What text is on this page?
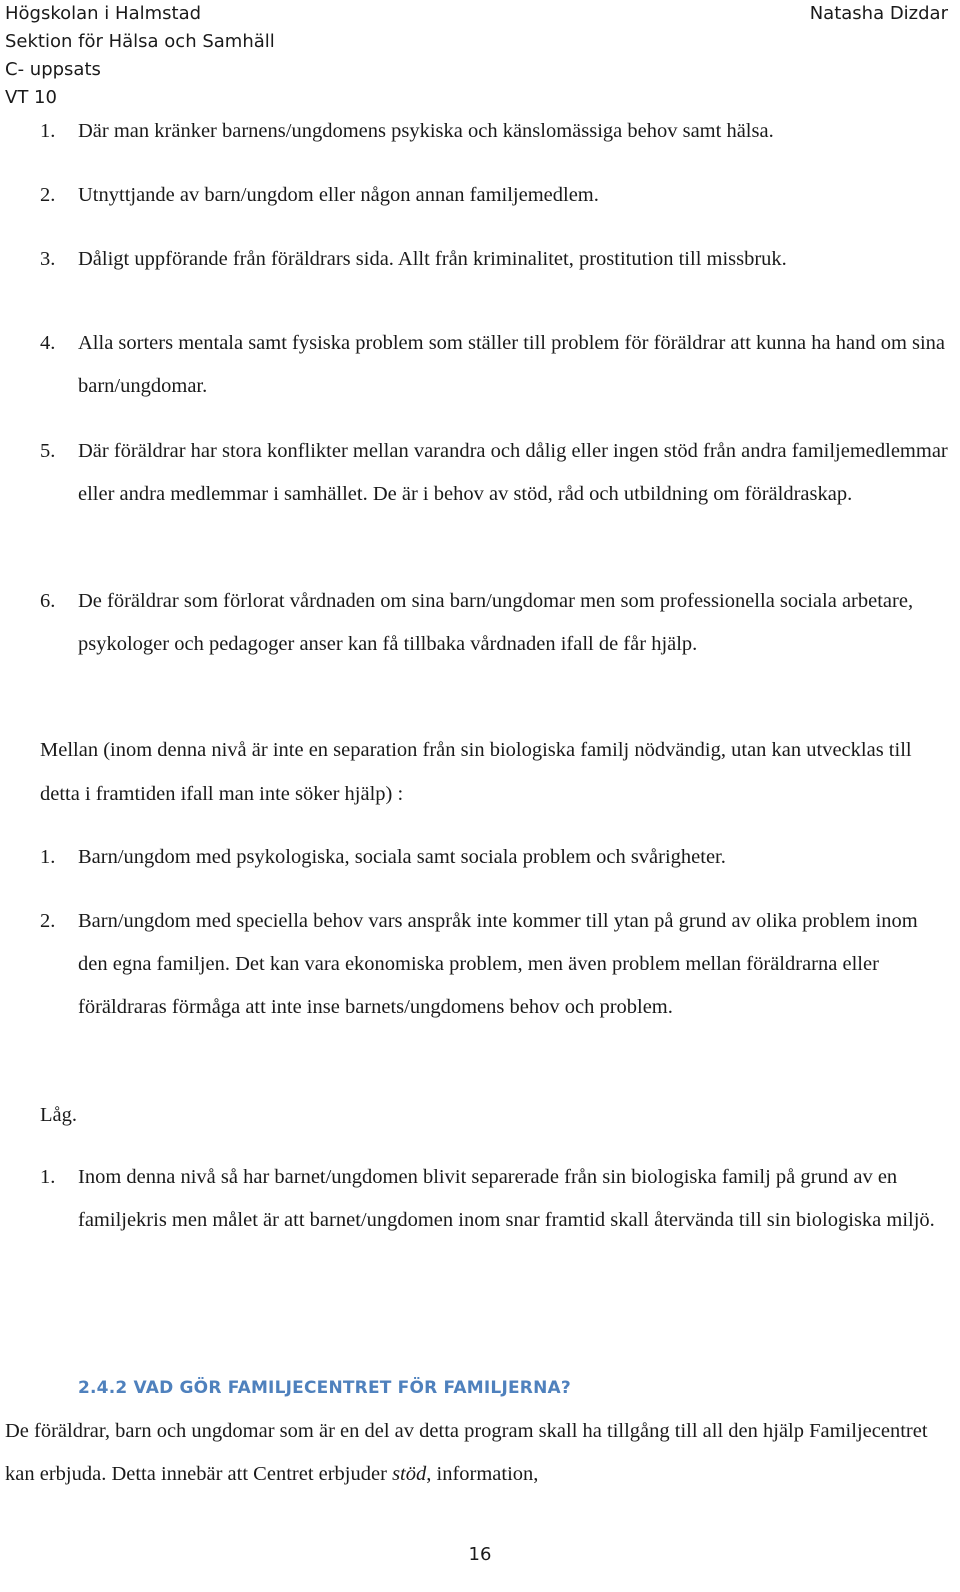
Högskolan i Halmstad
Sektion för Hälsa och Samhäll
C- uppsats
VT 10
Natasha Dizdar
1. Där man kränker barnens/ungdomens psykiska och känslomässiga behov samt hälsa.
2. Utnyttjande av barn/ungdom eller någon annan familjemedlem.
3. Dåligt uppförande från föräldrars sida. Allt från kriminalitet, prostitution till missbruk.
4. Alla sorters mentala samt fysiska problem som ställer till problem för föräldrar att kunna ha hand om sina barn/ungdomar.
5. Där föräldrar har stora konflikter mellan varandra och dålig eller ingen stöd från andra familjemedlemmar eller andra medlemmar i samhället. De är i behov av stöd, råd och utbildning om föräldraskap.
6. De föräldrar som förlorat vårdnaden om sina barn/ungdomar men som professionella sociala arbetare, psykologer och pedagoger anser kan få tillbaka vårdnaden ifall de får hjälp.
Mellan (inom denna nivå är inte en separation från sin biologiska familj nödvändig, utan kan utvecklas till detta i framtiden ifall man inte söker hjälp) :
1. Barn/ungdom med psykologiska, sociala samt sociala problem och svårigheter.
2. Barn/ungdom med speciella behov vars anspråk inte kommer till ytan på grund av olika problem inom den egna familjen. Det kan vara ekonomiska problem, men även problem mellan föräldrarna eller föräldraras förmåga att inte inse barnets/ungdomens behov och problem.
Låg.
1. Inom denna nivå så har barnet/ungdomen blivit separerade från sin biologiska familj på grund av en familjekris men målet är att barnet/ungdomen inom snar framtid skall återvända till sin biologiska miljö.
2.4.2 VAD GÖR FAMILJECENTRET FÖR FAMILJERNA?
De föräldrar, barn och ungdomar som är en del av detta program skall ha tillgång till all den hjälp Familjecentret kan erbjuda. Detta innebär att Centret erbjuder stöd, information,
16
